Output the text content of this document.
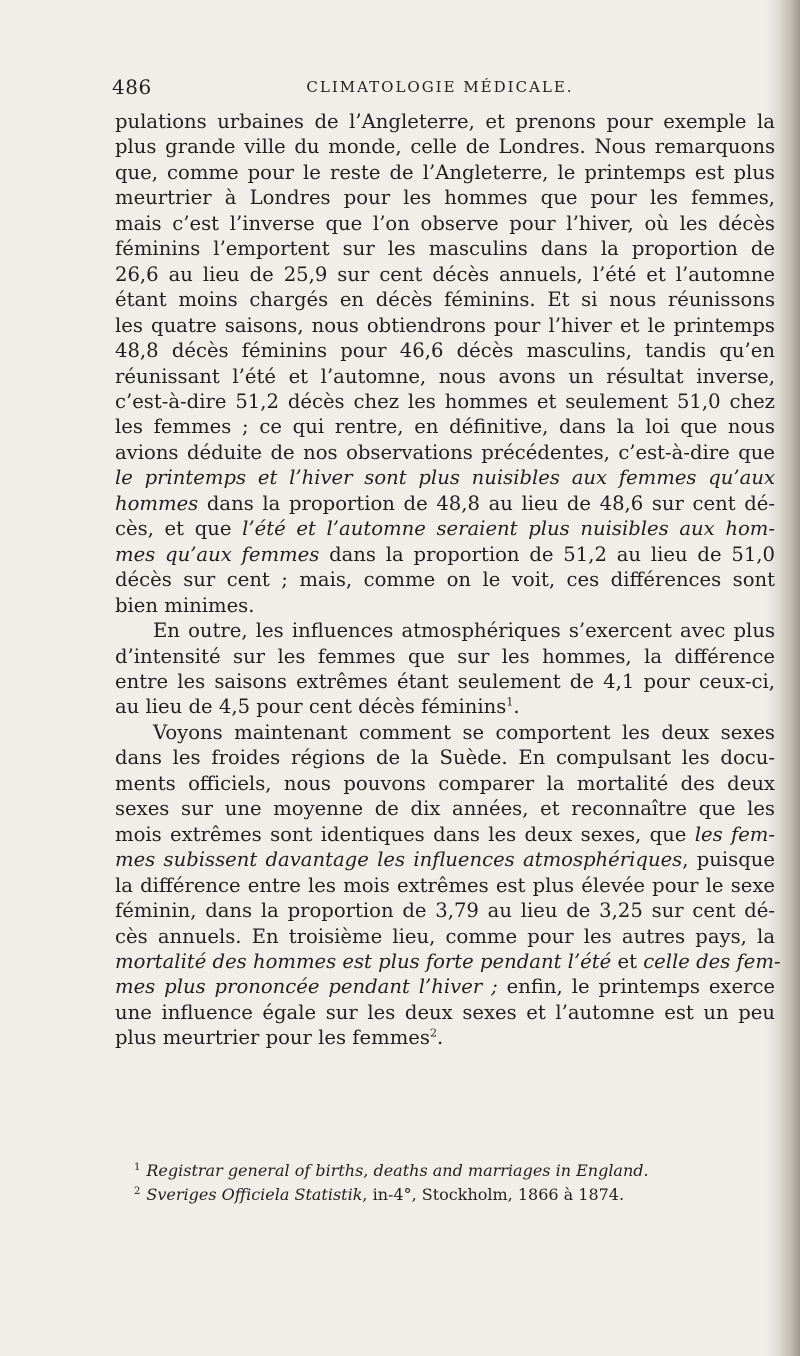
486	CLIMATOLOGIE MÉDICALE.
pulations urbaines de l’Angleterre, et prenons pour exemple la
plus grande ville du monde, celle de Londres. Nous remarquons
que, comme pour le reste de l’Angleterre, le printemps est plus
meurtrier à Londres pour les hommes que pour les femmes,
mais c’est l’inverse que l’on observe pour l’hiver, où les décès
féminins l’emportent sur les masculins dans la proportion de
26,6 au lieu de 25,9 sur cent décès annuels, l’été et l’automne
étant moins chargés en décès féminins. Et si nous réunissons
les quatre saisons, nous obtiendrons pour l’hiver et le printemps
48,8 décès féminins pour 46,6 décès masculins, tandis qu’en
réunissant l’été et l’automne, nous avons un résultat inverse,
c’est-à-dire 51,2 décès chez les hommes et seulement 51,0 chez
les femmes ; ce qui rentre, en définitive, dans la loi que nous
avions déduite de nos observations précédentes, c’est-à-dire que
le printemps et l’hiver sont plus nuisibles aux femmes qu’aux
hommes dans la proportion de 48,8 au lieu de 48,6 sur cent dé-
cès, et que l’été et l’automne seraient plus nuisibles aux hom-
mes qu’aux femmes dans la proportion de 51,2 au lieu de 51,0
décès sur cent ; mais, comme on le voit, ces différences sont
bien minimes.
En outre, les influences atmosphériques s’exercent avec plus
d’intensité sur les femmes que sur les hommes, la différence
entre les saisons extrêmes étant seulement de 4,1 pour ceux-ci,
au lieu de 4,5 pour cent décès féminins$^1$.
Voyons maintenant comment se comportent les deux sexes
dans les froides régions de la Suède. En compulsant les docu-
ments officiels, nous pouvons comparer la mortalité des deux
sexes sur une moyenne de dix années, et reconnaître que les
mois extrêmes sont identiques dans les deux sexes, que les fem-
mes subissent davantage les influences atmosphériques, puisque
la différence entre les mois extrêmes est plus élevée pour le sexe
féminin, dans la proportion de 3,79 au lieu de 3,25 sur cent dé-
cès annuels. En troisième lieu, comme pour les autres pays, la
mortalité des hommes est plus forte pendant l’été et celle des fem-
mes plus prononcée pendant l’hiver ; enfin, le printemps exerce
une influence égale sur les deux sexes et l’automne est un peu
plus meurtrier pour les femmes$^2$.
$^1$ Registrar general of births, deaths and marriages in England.
$^2$ Sveriges Officiela Statistik, in-4°, Stockholm, 1866 à 1874.
